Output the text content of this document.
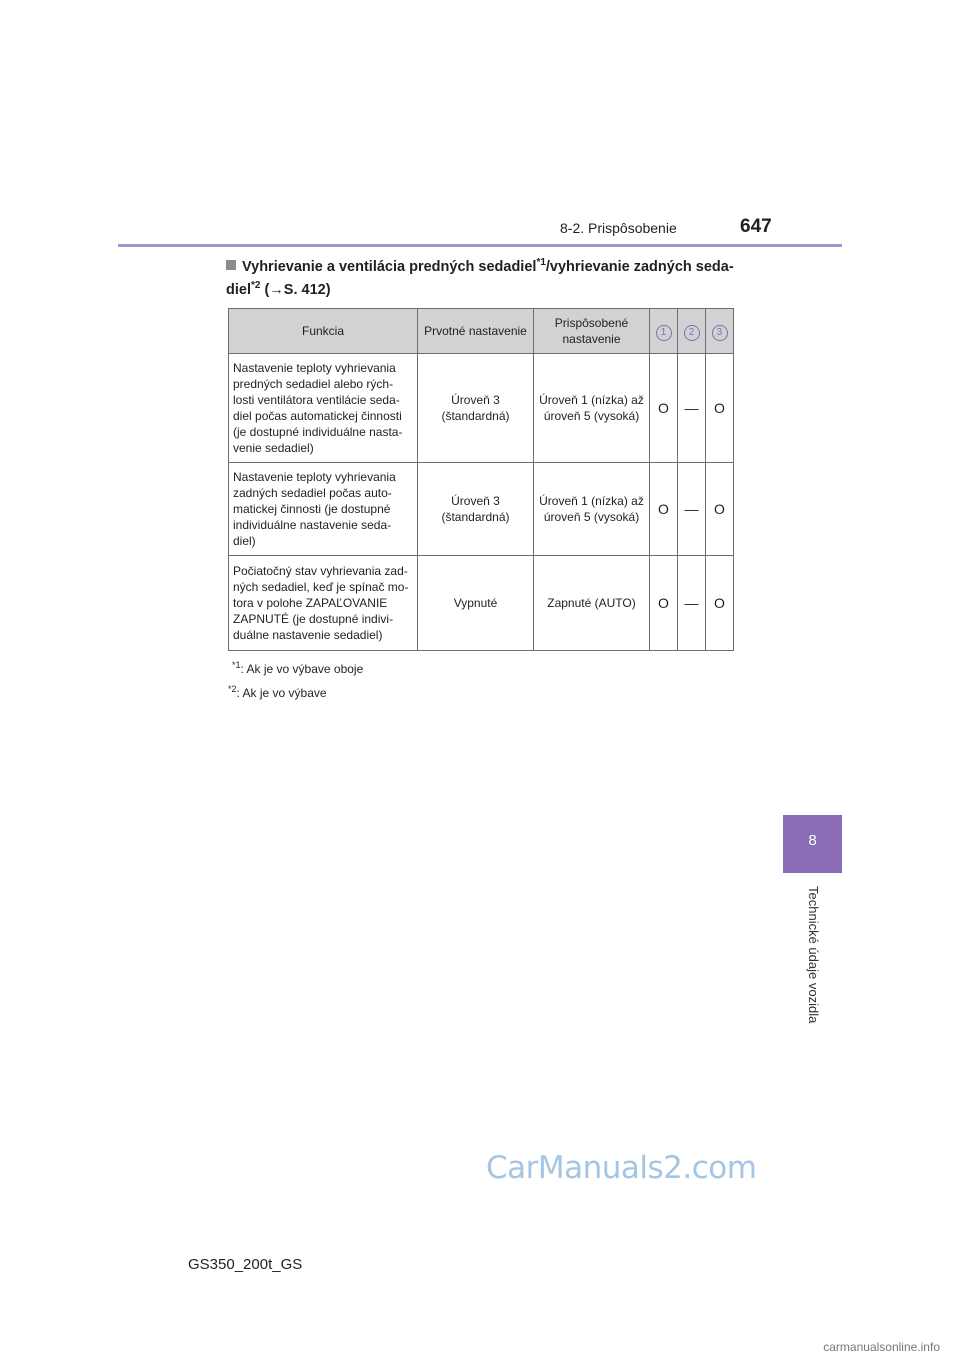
8-2. Prispôsobenie	647
8
Technické údaje vozidla
Vyhrievanie a ventilácia predných sedadiel$^{*1}$/vyhrievanie zadných seda-diel$^{*2}$ (→S. 412)
Funkcia	Prvotné nastavenie	Prispôsobené nastavenie	1	2	3
Nastavenie teploty vyhrievania predných sedadiel alebo rých-losti ventilátora ventilácie seda-diel počas automatickej činnosti (je dostupné individuálne nasta-venie sedadiel)	Úroveň 3 (štandardná)	Úroveň 1 (nízka) až úroveň 5 (vysoká)	O	—	O
Nastavenie teploty vyhrievania zadných sedadiel počas auto-matickej činnosti (je dostupné individuálne nastavenie seda-diel)	Úroveň 3 (štandardná)	Úroveň 1 (nízka) až úroveň 5 (vysoká)	O	—	O
Počiatočný stav vyhrievania zad-ných sedadiel, keď je spínač mo-tora v polohe ZAPAĽOVANIE ZAPNUTÉ (je dostupné indivi-duálne nastavenie sedadiel)	Vypnuté	Zapnuté (AUTO)	O	—	O
$^{*1}$: Ak je vo výbave oboje
$^{*2}$: Ak je vo výbave
CarManuals2.com
GS350_200t_GS
carmanualsonline.info
